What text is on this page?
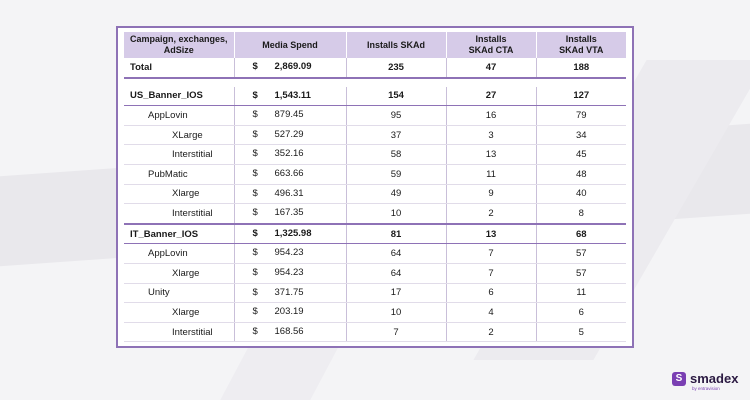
Campaign, exchanges, AdSize	Media Spend	Installs SKAd	Installs SKAd CTA	Installs SKAd VTA
Total	$ 2,869.09	235	47	188

US_Banner_IOS	$ 1,543.11	154	27	127
AppLovin	$ 879.45	95	16	79
XLarge	$ 527.29	37	3	34
Interstitial	$ 352.16	58	13	45
PubMatic	$ 663.66	59	11	48
Xlarge	$ 496.31	49	9	40
Interstitial	$ 167.35	10	2	8
IT_Banner_IOS	$ 1,325.98	81	13	68
AppLovin	$ 954.23	64	7	57
Xlarge	$ 954.23	64	7	57
Unity	$ 371.75	17	6	11
Xlarge	$ 203.19	10	4	6
Interstitial	$ 168.56	7	2	5
S smadex
by entravision
